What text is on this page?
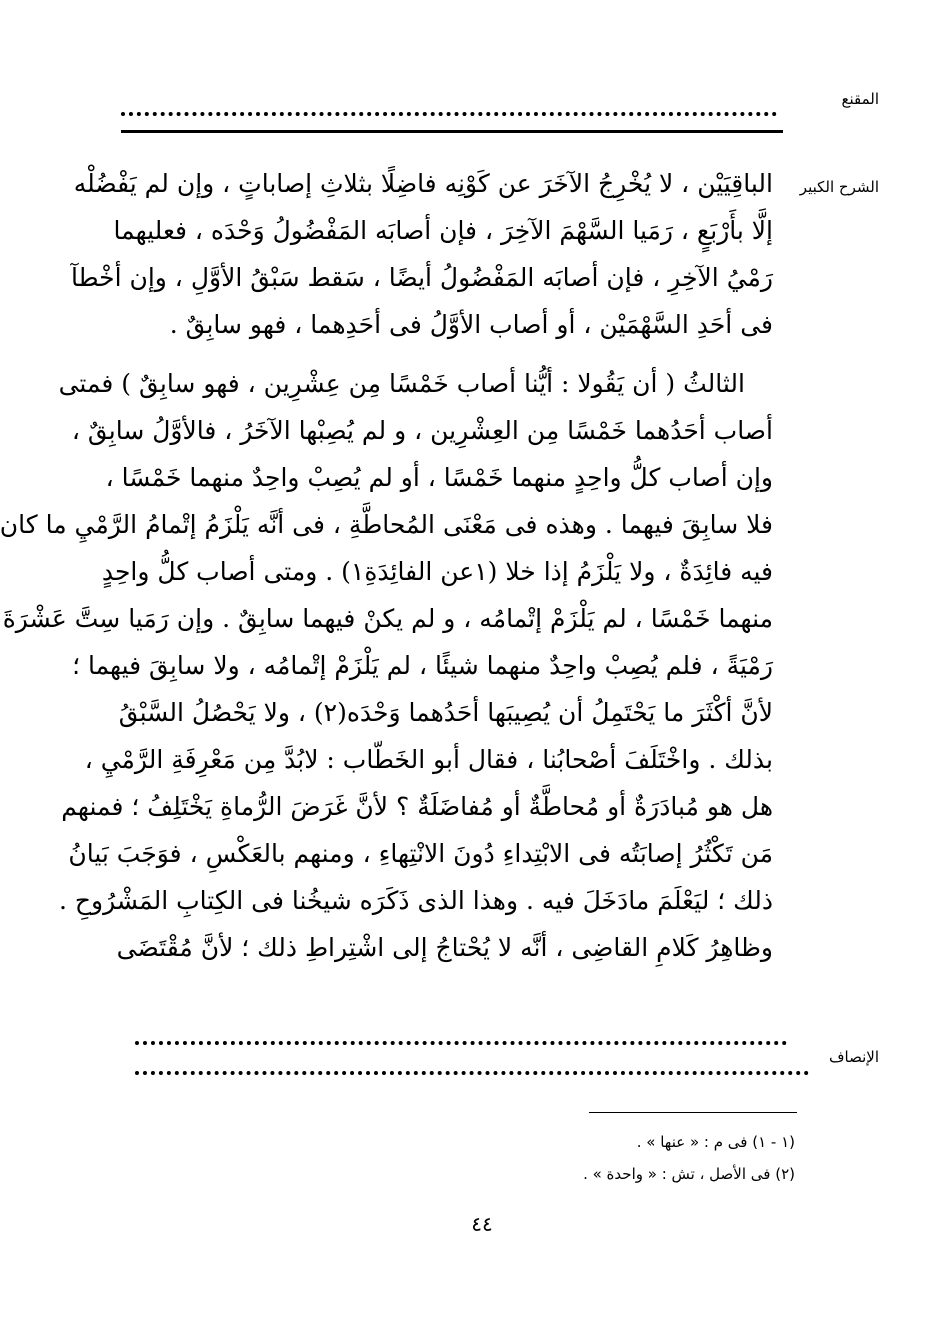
المقنع
الشرح الكبير
الباقِيَيْن ، لا يُخْرِجُ الآخَرَ عن كَوْنِه فاضِلًا بثلاثِ إصاباتٍ ، وإن لم يَفْضُلْه
إلَّا بأَرْبَعٍ ، رَمَيا السَّهْمَ الآخِرَ ، فإن أصابَه المَفْضُولُ وَحْدَه ، فعليهما
رَمْيُ الآخِرِ ، فإن أصابَه المَفْضُولُ أيضًا ، سَقط سَبْقُ الأوَّلِ ، وإن أخْطآ
فى أحَدِ السَّهْمَيْن ، أو أصاب الأوَّلُ فى أحَدِهما ، فهو سابِقٌ .
الثالثُ ( أن يَقُولا : أيُّنا أصاب خَمْسًا مِن عِشْرِين ، فهو سابِقٌ ) فمتى
أصاب أحَدُهما خَمْسًا مِن العِشْرِين ، و لم يُصِبْها الآخَرُ ، فالأوَّلُ سابِقٌ ،
وإن أصاب كلُّ واحِدٍ منهما خَمْسًا ، أو لم يُصِبْ واحِدٌ منهما خَمْسًا ،
فلا سابِقَ فيهما . وهذه فى مَعْنَى المُحاطَّةِ ، فى أنَّه يَلْزَمُ إتْمامُ الرَّمْيِ ما كان
فيه فائِدَةٌ ، ولا يَلْزَمُ إذا خلا (١عن الفائِدَةِ١) . ومتى أصاب كلُّ واحِدٍ
منهما خَمْسًا ، لم يَلْزَمْ إتْمامُه ، و لم يكنْ فيهما سابِقٌ . وإن رَمَيا سِتَّ عَشْرَةَ
رَمْيَةً ، فلم يُصِبْ واحِدٌ منهما شيئًا ، لم يَلْزَمْ إتْمامُه ، ولا سابِقَ فيهما ؛
لأنَّ أكْثَرَ ما يَحْتَمِلُ أن يُصِيبَها أحَدُهما وَحْدَه(٢) ، ولا يَحْصُلُ السَّبْقُ
بذلك . واخْتَلَفَ أصْحابُنا ، فقال أبو الخَطّاب : لابُدَّ مِن مَعْرِفَةِ الرَّمْيِ ،
هل هو مُبادَرَةٌ أو مُحاطَّةٌ أو مُفاضَلَةٌ ؟ لأنَّ غَرَضَ الرُّماةِ يَخْتَلِفُ ؛ فمنهم
مَن تَكْثُرُ إصابَتُه فى الابْتِداءِ دُونَ الانْتِهاءِ ، ومنهم بالعَكْسِ ، فوَجَبَ بَيانُ
ذلك ؛ ليَعْلَمَ مادَخَلَ فيه . وهذا الذى ذَكَرَه شيخُنا فى الكِتابِ المَشْرُوحِ .
وظاهِرُ كَلامِ القاضِى ، أنَّه لا يُحْتاجُ إلى اشْتِراطِ ذلك ؛ لأنَّ مُقْتَضَى
الإنصاف
(١ - ١) فى م : « عنها » .
(٢) فى الأصل ، تش : « واحدة » .
٤٤
